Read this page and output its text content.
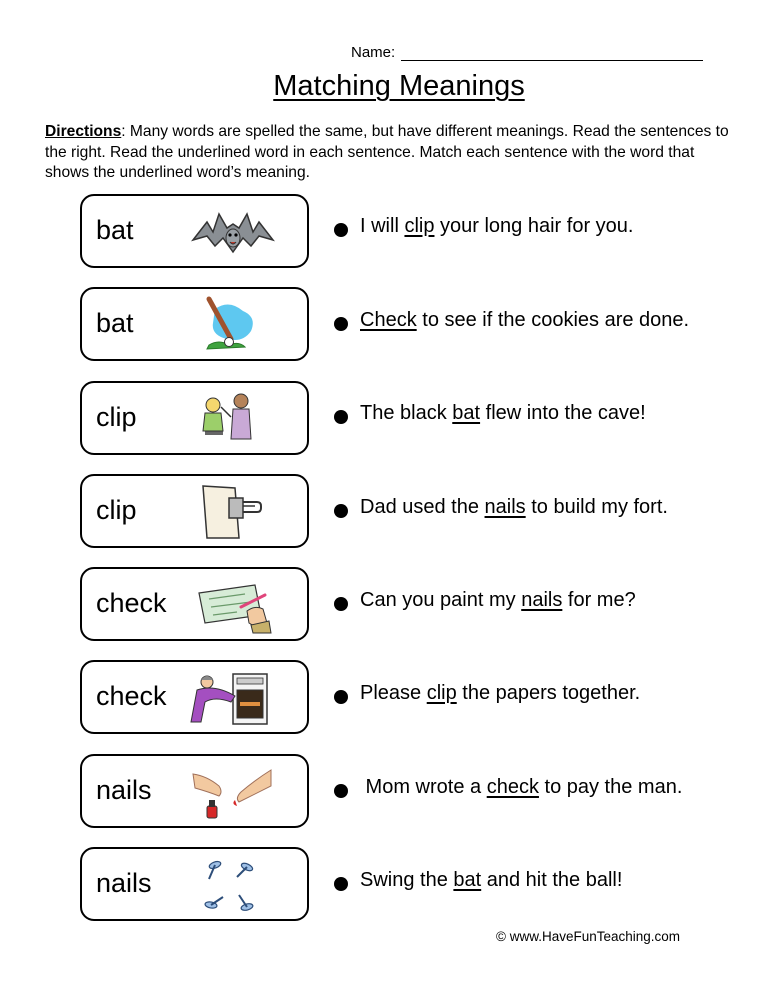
Name:
Matching Meanings
Directions: Many words are spelled the same, but have different meanings. Read the sentences to the right. Read the underlined word in each sentence. Match each sentence with the word that shows the underlined word’s meaning.
bat
bat
clip
clip
check
check
nails
nails
I will clip your long hair for you.
Check to see if the cookies are done.
The black bat flew into the cave!
Dad used the nails to build my fort.
Can you paint my nails for me?
Please clip the papers together.
Mom wrote a check to pay the man.
Swing the bat and hit the ball!
© www.HaveFunTeaching.com
